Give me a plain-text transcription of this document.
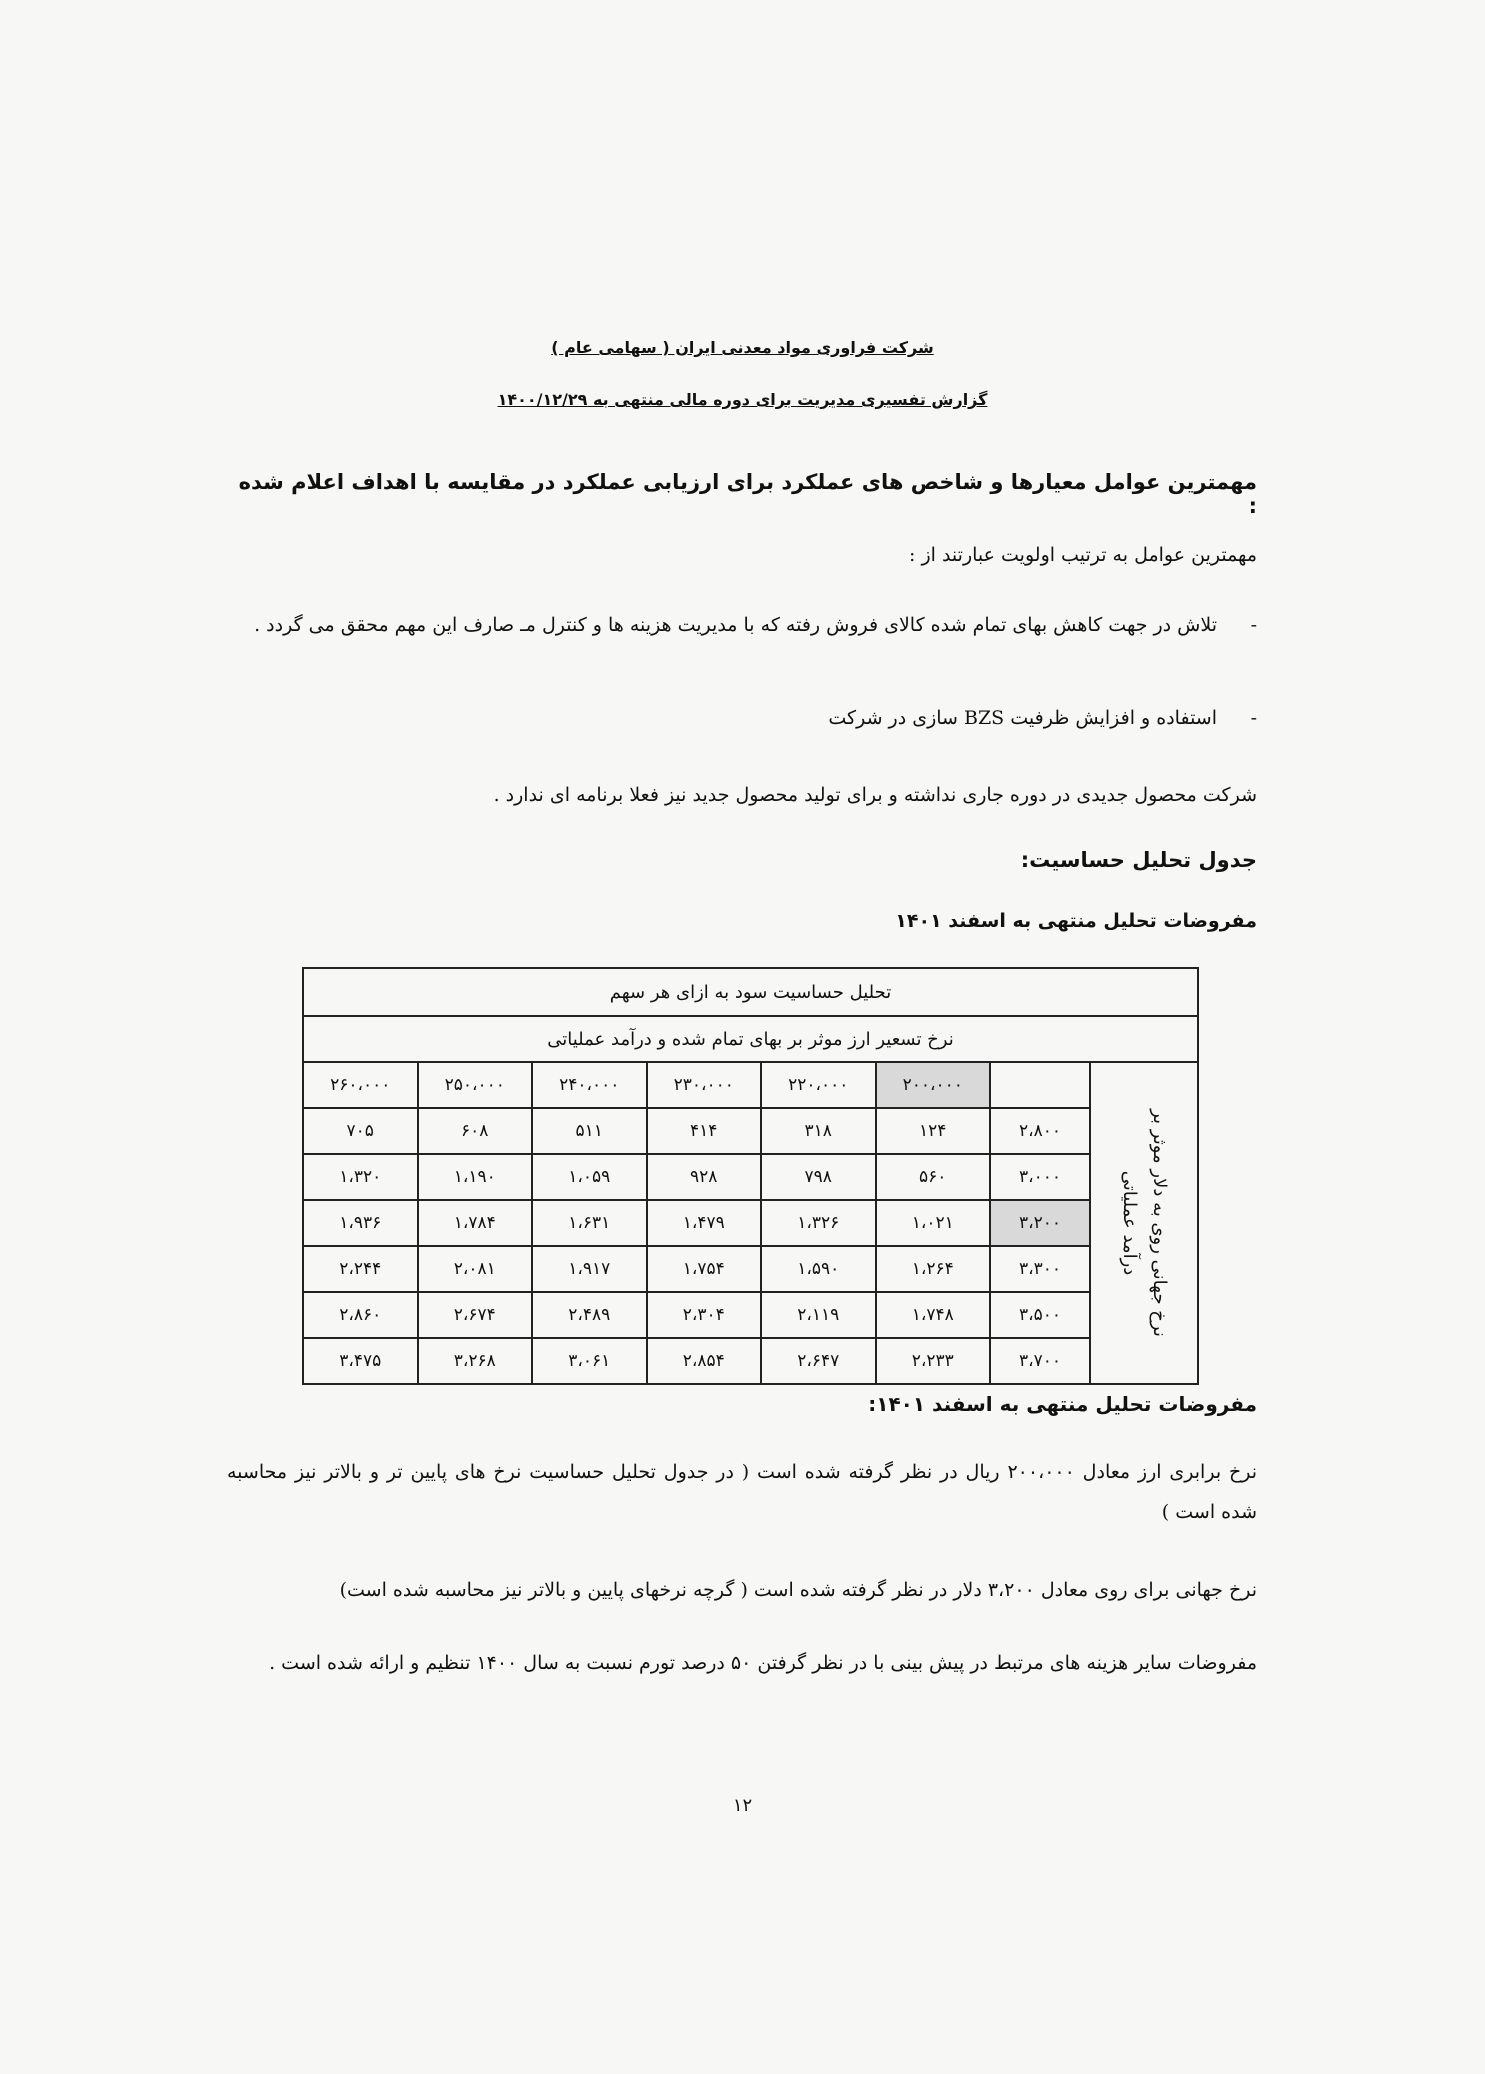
شرکت فراوری مواد معدنی ایران ( سهامی عام )
گزارش تفسیری مدیریت برای دوره مالی منتهی به ۱۴۰۰/۱۲/۲۹
مهمترین عوامل معیارها و شاخص های عملکرد برای ارزیابی عملکرد در مقایسه با اهداف اعلام شده :
مهمترین عوامل به ترتیب اولویت عبارتند از :
-تلاش در جهت کاهش بهای تمام شده کالای فروش رفته که با مدیریت هزینه ها و کنترل مـ صارف این مهم محقق می گردد .
-استفاده و افزایش ظرفیت BZS سازی در شرکت
شرکت محصول جدیدی در دوره جاری نداشته و برای تولید محصول جدید نیز فعلا برنامه ای ندارد .
جدول تحلیل حساسیت:
مفروضات تحلیل منتهی به اسفند ۱۴۰۱
تحلیل حساسیت سود به ازای هر سهم							
نرخ تسعیر ارز موثر بر بهای تمام شده و درآمد عملیاتی							

نرخ جهانی روی به دلار موثر بر
درآمد عملیاتی		۲۰۰،۰۰۰	۲۲۰،۰۰۰	۲۳۰،۰۰۰	۲۴۰،۰۰۰	۲۵۰،۰۰۰	۲۶۰،۰۰۰
	۲،۸۰۰	۱۲۴	۳۱۸	۴۱۴	۵۱۱	۶۰۸	۷۰۵
	۳،۰۰۰	۵۶۰	۷۹۸	۹۲۸	۱،۰۵۹	۱،۱۹۰	۱،۳۲۰
	۳،۲۰۰	۱،۰۲۱	۱،۳۲۶	۱،۴۷۹	۱،۶۳۱	۱،۷۸۴	۱،۹۳۶
	۳،۳۰۰	۱،۲۶۴	۱،۵۹۰	۱،۷۵۴	۱،۹۱۷	۲،۰۸۱	۲،۲۴۴
	۳،۵۰۰	۱،۷۴۸	۲،۱۱۹	۲،۳۰۴	۲،۴۸۹	۲،۶۷۴	۲،۸۶۰
	۳،۷۰۰	۲،۲۳۳	۲،۶۴۷	۲،۸۵۴	۳،۰۶۱	۳،۲۶۸	۳،۴۷۵
مفروضات تحلیل منتهی به اسفند ۱۴۰۱:
نرخ برابری ارز معادل ۲۰۰،۰۰۰ ریال در نظر گرفته شده است ( در جدول تحلیل حساسیت نرخ های پایین تر و بالاتر نیز محاسبه شده است )
نرخ جهانی برای روی معادل ۳،۲۰۰ دلار در نظر گرفته شده است ( گرچه نرخهای پایین و بالاتر نیز محاسبه شده است)
مفروضات سایر هزینه های مرتبط در پیش بینی با در نظر گرفتن ۵۰ درصد تورم نسبت به سال ۱۴۰۰ تنظیم و ارائه شده است .
۱۲
